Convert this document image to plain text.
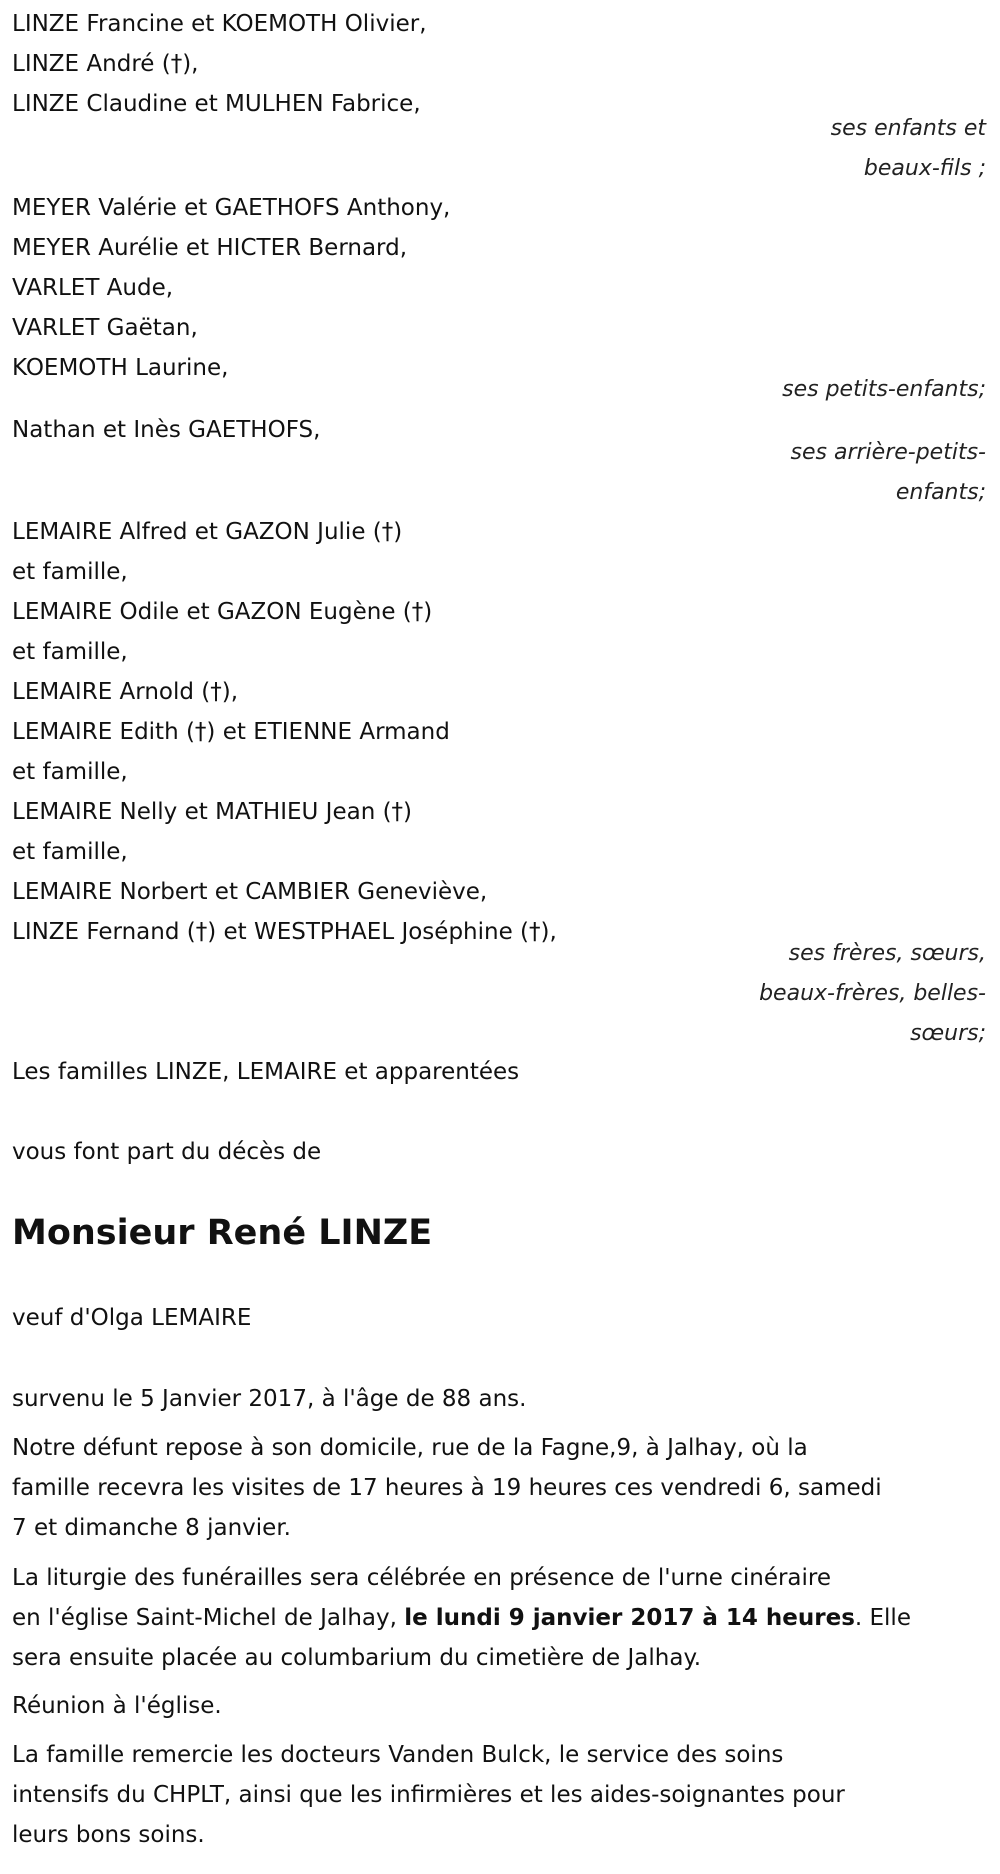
LINZE Francine et KOEMOTH Olivier,
LINZE André (†),
LINZE Claudine et MULHEN Fabrice,
ses enfants et
beaux-fils ;
MEYER Valérie et GAETHOFS Anthony,
MEYER Aurélie et HICTER Bernard,
VARLET Aude,
VARLET Gaëtan,
KOEMOTH Laurine,
ses petits-enfants;
Nathan et Inès GAETHOFS,
ses arrière-petits-
enfants;
LEMAIRE Alfred et GAZON Julie (†)
et famille,
LEMAIRE Odile et GAZON Eugène (†)
et famille,
LEMAIRE Arnold (†),
LEMAIRE Edith (†) et ETIENNE Armand
et famille,
LEMAIRE Nelly et MATHIEU Jean (†)
et famille,
LEMAIRE Norbert et CAMBIER Geneviève,
LINZE Fernand (†) et WESTPHAEL Joséphine (†),
ses frères, sœurs,
beaux-frères, belles-
sœurs;
Les familles LINZE, LEMAIRE et apparentées
vous font part du décès de
Monsieur René LINZE
veuf d'Olga LEMAIRE
survenu le 5 Janvier 2017, à l'âge de 88 ans.
Notre défunt repose à son domicile, rue de la Fagne,9, à Jalhay, où la
famille recevra les visites de 17 heures à 19 heures ces vendredi 6, samedi
7 et dimanche 8 janvier.
La liturgie des funérailles sera célébrée en présence de l'urne cinéraire
en l'église Saint-Michel de Jalhay, le lundi 9 janvier 2017 à 14 heures. Elle
sera ensuite placée au columbarium du cimetière de Jalhay.
Réunion à l'église.
La famille remercie les docteurs Vanden Bulck, le service des soins
intensifs du CHPLT, ainsi que les infirmières et les aides-soignantes pour
leurs bons soins.
